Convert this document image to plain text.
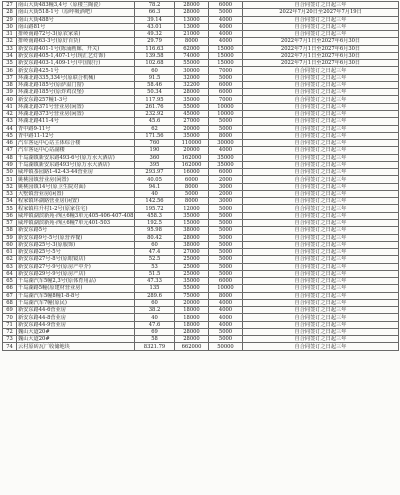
27	南山大街483幢3,4号（原楼兰陶瓷）	78.2	28000	6000	自合同签订之日起三年
28	南山大街518-1号（原呼吸酒吧）	66.3	28000	5000	2022年7月20日至2027年7月19日
29	南山大街488号	39.14	13000	4000	自合同签订之日起三年
30	南山路81号	43.01	13000	4000	自合同签订之日起三年
31	排岭南路72号-3(原农家菜)	49.32	21000	4000	自合同签订之日起三年
32	排岭南路63-3号(原好百货)	29.79	8000	4000	2022年7月1日至2027年6月30日
33	新安东路401-1号(陈涌画廊、开关)	116.63	62000	15000	2022年7月1日至2027年6月30日
34	新安东路405-1,407-1号(现汇艺灯饰)	139.58	74000	15000	2022年7月1日至2027年6月30日
35	新安东路403-1,409-1号(中国银行)	102.68	55000	15000	2022年7月1日至2027年6月30日
36	新安东路425-1号	60	30000	7000	自合同签订之日起三年
37	环湖北路335,334号(原联合机械)	91.5	32000	5000	自合同签订之日起三年
38	环湖北路185号(原萨温门窗)	58.46	32200	6000	自合同签订之日起三年
39	环湖北路185号(原炸鸡汉堡)	50.34	28000	6000	自合同签订之日起三年
40	新安东路257幢1-3号	117.95	35000	7000	自合同签订之日起三年
41	环湖北路371号营业房(闲置)	261.76	55000	10000	自合同签订之日起三年
42	环湖北路373号营业房(闲置)	232.92	45000	10000	自合同签订之日起三年
43	环湖北路411-4号	45.6	27000	5000	自合同签订之日起三年
44	青中路9-11号	62	20000	5000	自合同签订之日起三年
45	青中路11-12号	171.56	35000	8000	自合同签订之日起三年
46	汽车客运中心站主体综合楼	760	110000	30000	自合同签订之日起三年
47	汽车客运中心站副楼	190	20000	4000	自合同签订之日起三年
48	千岛湖镇新安东路493-6号(原万水大酒店)	360	162000	35000	自合同签订之日起三年
49	千岛湖镇新安东路493号(原万水大酒店)	395	162000	35000	自合同签订之日起三年
50	威坪镇茶园路1-42-43-44营业房	293.97	16000	6000	自合同签订之日起三年
51	姚桃园镇营业房(闲置)	40.05	6000	2000	自合同签订之日起三年
52	姚桃园镇14号(原卫生院对面)	94.1	8000	3000	自合同签订之日起三年
53	大墅镇营业房(闲置)	40	5000	2000	自合同签订之日起三年
54	程家镇环湖路营业房(闲置)	142.56	8000	3000	自合同签订之日起三年
55	程家镇柱升村1-2号(原家住宅)	195.72	12000	5000	自合同签订之日起三年
56	威坪镇湖滨新苑·西区6幢3单元405-406-407-408	458.3	35000	5000	自合同签订之日起三年
57	威坪镇湖滨新苑·西区6幢7单元401-503	192.5	15000	5000	自合同签订之日起三年
58	新安东路5号	95.98	38000	5000	自合同签订之日起三年
59	新安东路9号-5号(原营养餐)	80.42	28000	5000	自合同签订之日起三年
60	新安东路25号-3(原服饰)	60	38000	5000	自合同签订之日起三年
61	新安东路25号-5号	47.4	27000	5000	自合同签订之日起三年
62	新安东路27号-8号(原眼镜店)	52.5	25000	5000	自合同签订之日起三年
63	新安东路27号-9号(原房产中介)	53	25000	5000	自合同签订之日起三年
64	新安东路29号-9号(原房产店)	51.5	25000	5000	自合同签订之日起三年
65	千岛湖汽车5幢2,3号(原体育用品)	47.33	35000	6000	自合同签订之日起三年
66	千岛湖路5幢(原建材营业房)	135	55000	10000	自合同签订之日起三年
67	千岛湖汽车5幢8幢1-8-8号	289.6	75000	8000	自合同签订之日起三年
68	千岛湖汽车7幢(原民)	60	20000	4000	自合同签订之日起三年
69	新安东路44-6营业房	38.2	18000	4000	自合同签订之日起三年
70	新安东路44-8营业房	40	18000	4000	自合同签订之日起三年
71	新安东路44-9营业房	47.6	18000	4000	自合同签订之日起三年
72	魏山大道20#	69	28000	5000	自合同签订之日起三年
73	魏山大道20#	58	28000	5000	自合同签订之日起三年
74	云村原砖瓦厂收储地块	8321.79	662000	50000	自合同签订之日起三年
